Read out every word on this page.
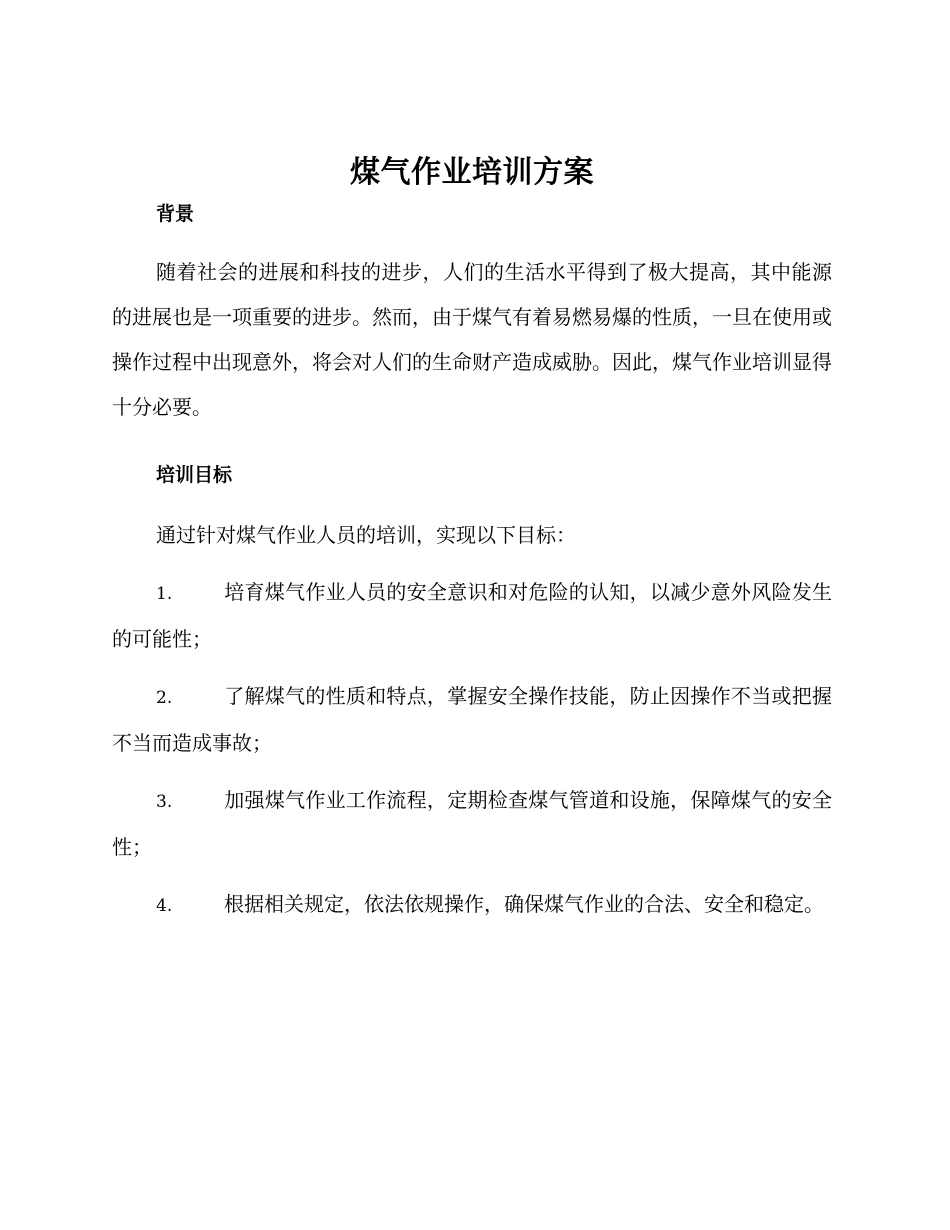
煤气作业培训方案
背景

随着社会的进展和科技的进步，人们的生活水平得到了极大提高，其中能源的进展也是一项重要的进步。然而，由于煤气有着易燃易爆的性质，一旦在使用或操作过程中出现意外，将会对人们的生命财产造成威胁。因此，煤气作业培训显得十分必要。

培训目标

通过针对煤气作业人员的培训，实现以下目标：

1.	培育煤气作业人员的安全意识和对危险的认知，以减少意外风险发生的可能性；

2.	了解煤气的性质和特点，掌握安全操作技能，防止因操作不当或把握不当而造成事故；

3.	加强煤气作业工作流程，定期检查煤气管道和设施，保障煤气的安全性；

4.	根据相关规定，依法依规操作，确保煤气作业的合法、安全和稳定。
